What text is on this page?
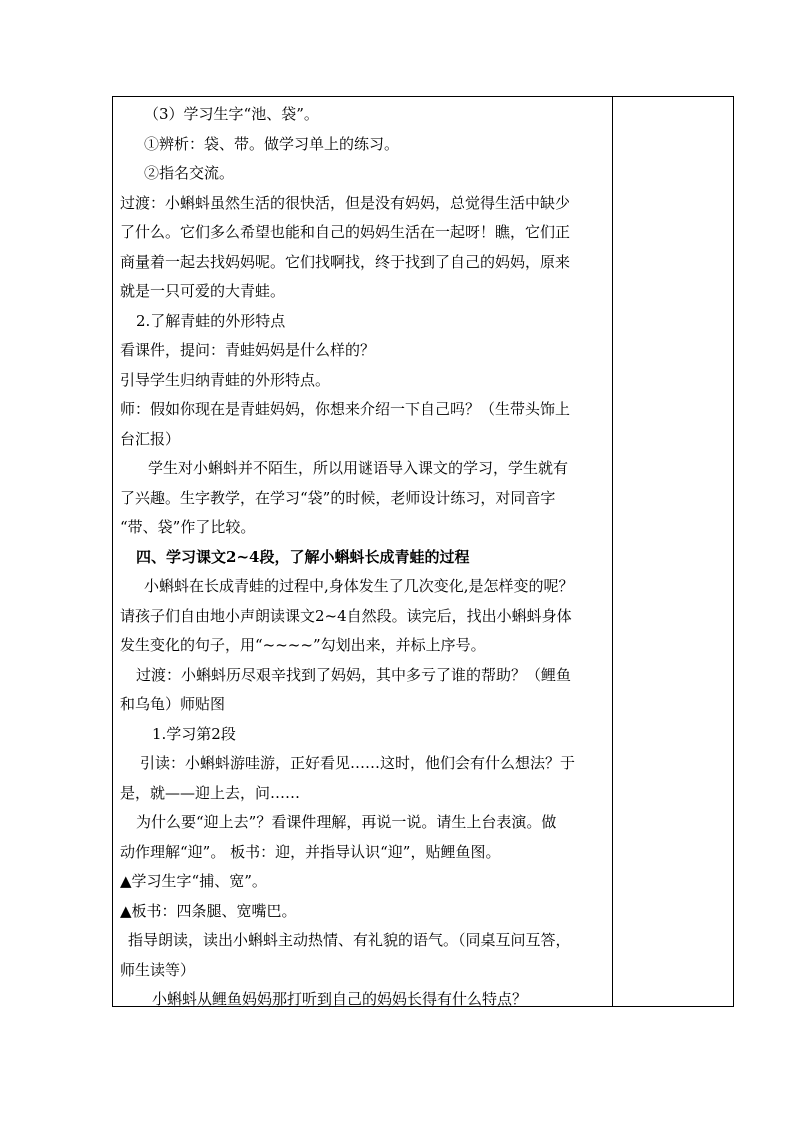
（3）学习生字“池、袋”。
①辨析：袋、带。做学习单上的练习。
②指名交流。
过渡：小蝌蚪虽然生活的很快活，但是没有妈妈，总觉得生活中缺少
了什么。它们多么希望也能和自己的妈妈生活在一起呀！瞧，它们正
商量着一起去找妈妈呢。它们找啊找，终于找到了自己的妈妈，原来
就是一只可爱的大青蛙。
2.了解青蛙的外形特点
看课件，提问：青蛙妈妈是什么样的？
引导学生归纳青蛙的外形特点。
师：假如你现在是青蛙妈妈，你想来介绍一下自己吗？（生带头饰上
台汇报）
学生对小蝌蚪并不陌生，所以用谜语导入课文的学习，学生就有
了兴趣。生字教学，在学习“袋”的时候，老师设计练习，对同音字
“带、袋”作了比较。
四、学习课文2~4段，了解小蝌蚪长成青蛙的过程
小蝌蚪在长成青蛙的过程中,身体发生了几次变化,是怎样变的呢？
请孩子们自由地小声朗读课文2~4自然段。读完后，找出小蝌蚪身体
发生变化的句子，用“~~~~”勾划出来，并标上序号。
过渡：小蝌蚪历尽艰辛找到了妈妈，其中多亏了谁的帮助？（鲤鱼
和乌龟）师贴图
1.学习第2段
引读：小蝌蚪游哇游，正好看见……这时，他们会有什么想法？于
是，就——迎上去，问……
为什么要“迎上去”？看课件理解，再说一说。请生上台表演。做
动作理解“迎”。 板书：迎，并指导认识“迎”，贴鲤鱼图。
▲学习生字“捕、宽”。
▲板书：四条腿、宽嘴巴。
指导朗读，读出小蝌蚪主动热情、有礼貌的语气。（同桌互问互答，
师生读等）
小蝌蚪从鲤鱼妈妈那打听到自己的妈妈长得有什么特点？
